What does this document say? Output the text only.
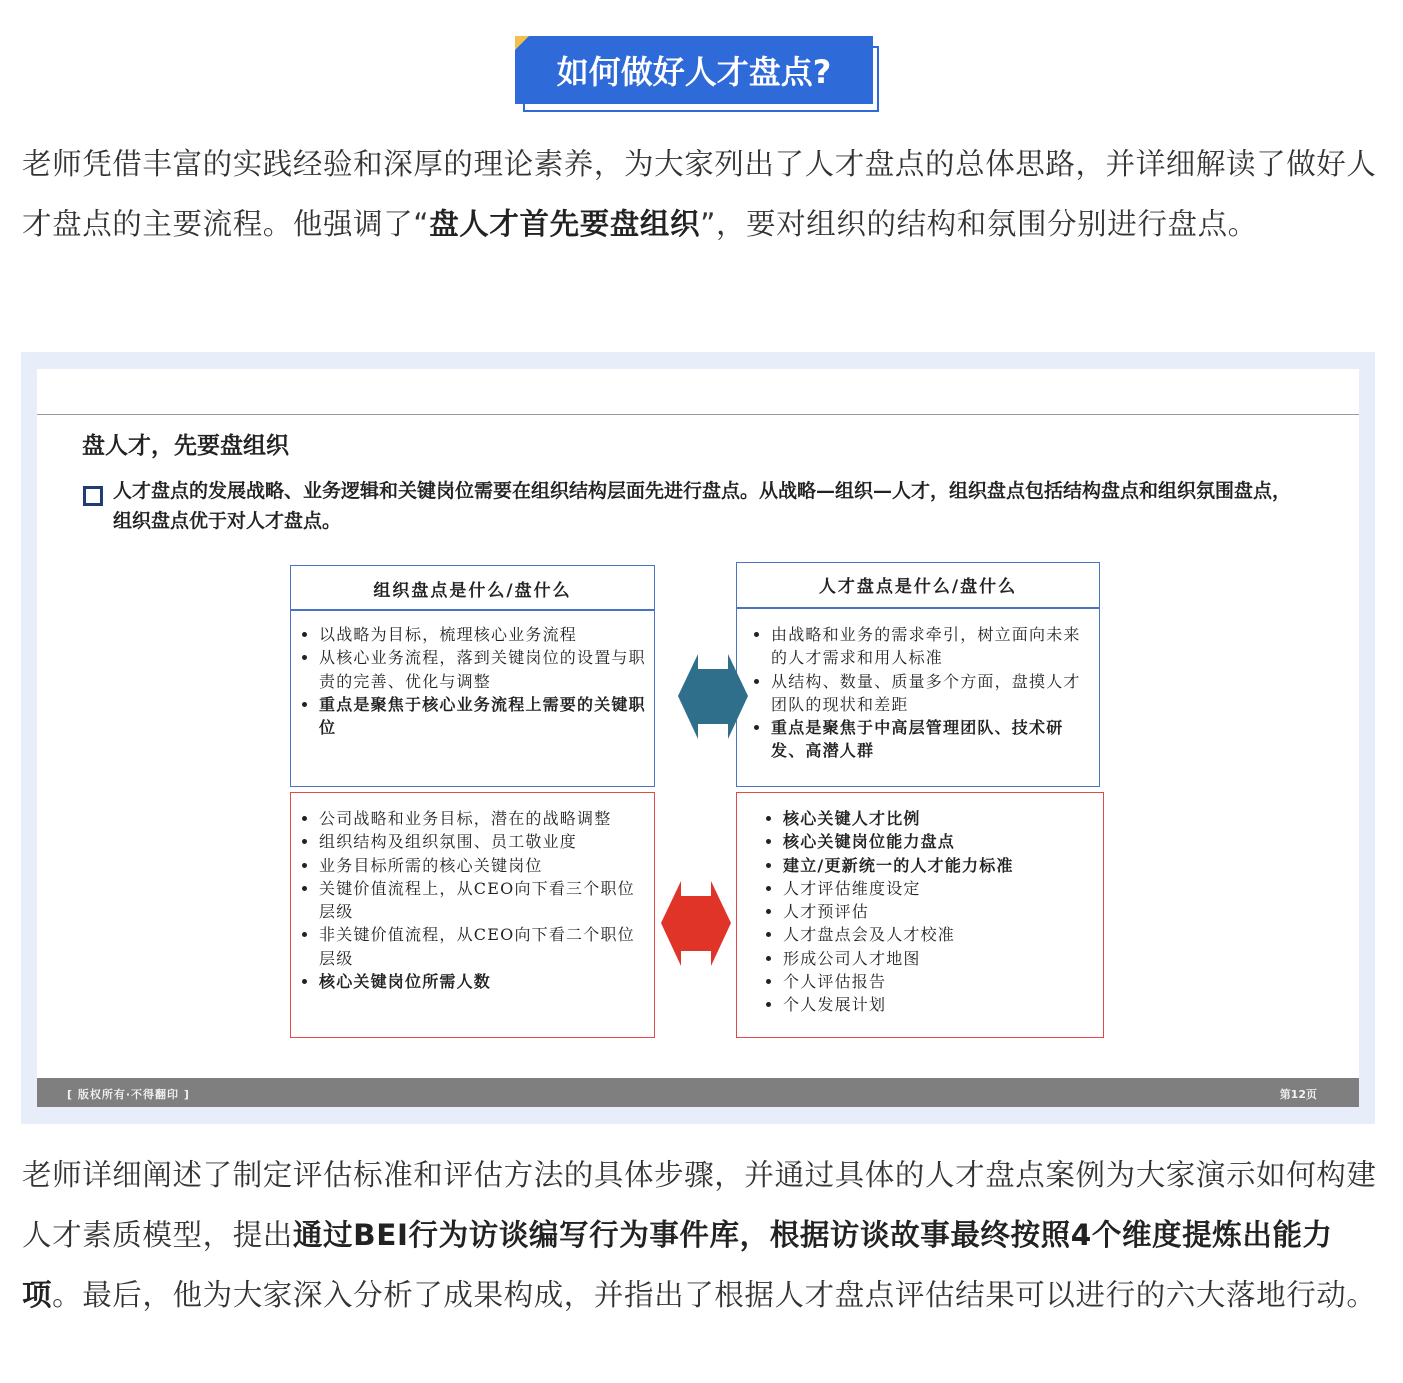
如何做好人才盘点?
老师凭借丰富的实践经验和深厚的理论素养，为大家列出了人才盘点的总体思路，并详细解读了做好人才盘点的主要流程。他强调了“盘人才首先要盘组织”，要对组织的结构和氛围分别进行盘点。
盘人才，先要盘组织
人才盘点的发展战略、业务逻辑和关键岗位需要在组织结构层面先进行盘点。从战略—组织—人才，组织盘点包括结构盘点和组织氛围盘点，组织盘点优于对人才盘点。
组织盘点是什么/盘什么
• 以战略为目标，梳理核心业务流程
• 从核心业务流程，落到关键岗位的设置与职责的完善、优化与调整
• 重点是聚焦于核心业务流程上需要的关键职位
人才盘点是什么/盘什么
• 由战略和业务的需求牵引，树立面向未来的人才需求和用人标准
• 从结构、数量、质量多个方面，盘摸人才团队的现状和差距
• 重点是聚焦于中高层管理团队、技术研发、高潜人群
• 公司战略和业务目标，潜在的战略调整
• 组织结构及组织氛围、员工敬业度
• 业务目标所需的核心关键岗位
• 关键价值流程上，从CEO向下看三个职位层级
• 非关键价值流程，从CEO向下看二个职位层级
• 核心关键岗位所需人数
• 核心关键人才比例
• 核心关键岗位能力盘点
• 建立/更新统一的人才能力标准
• 人才评估维度设定
• 人才预评估
• 人才盘点会及人才校准
• 形成公司人才地图
• 个人评估报告
• 个人发展计划
[ 版权所有·不得翻印 ]	第12页
老师详细阐述了制定评估标准和评估方法的具体步骤，并通过具体的人才盘点案例为大家演示如何构建人才素质模型，提出通过BEI行为访谈编写行为事件库，根据访谈故事最终按照4个维度提炼出能力项。最后，他为大家深入分析了成果构成，并指出了根据人才盘点评估结果可以进行的六大落地行动。
